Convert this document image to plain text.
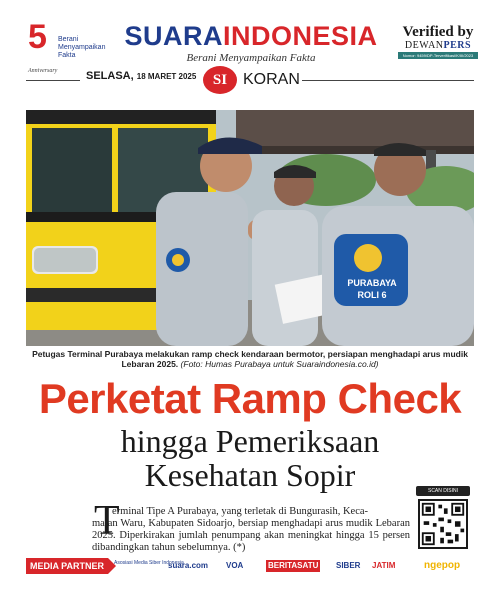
5 Berani
Menyampaikan
Fakta
Anniversary
SUARAINDONESIA
Berani Menyampaikan Fakta
Verified by
DEWANPERS
Nomor: 9459/DP-Terverifikasi/K/III/2023
SELASA, 18 MARET 2025	SI KORAN
PURABAYA
ROLI 6
Petugas Terminal Purabaya melakukan ramp check kendaraan bermotor, persiapan menghadapi arus mudik Lebaran 2025. (Foto: Humas Purabaya untuk Suaraindonesia.co.id)
Perketat Ramp Check
hingga Pemeriksaan
Kesehatan Sopir
T
erminal Tipe A Purabaya, yang terletak di Bungurasih, Keca-
matan Waru, Kabupaten Sidoarjo, bersiap menghadapi arus mudik Lebaran 2025. Diperkirakan jumlah penumpang akan meningkat hingga 15 persen dibandingkan tahun sebelumnya. (*)
SCAN DISINI
MEDIA PARTNER	Asosiasi Media Siber Indonesia
suara.com VOA	BERITASATU SIBER JATIM	ngepop
